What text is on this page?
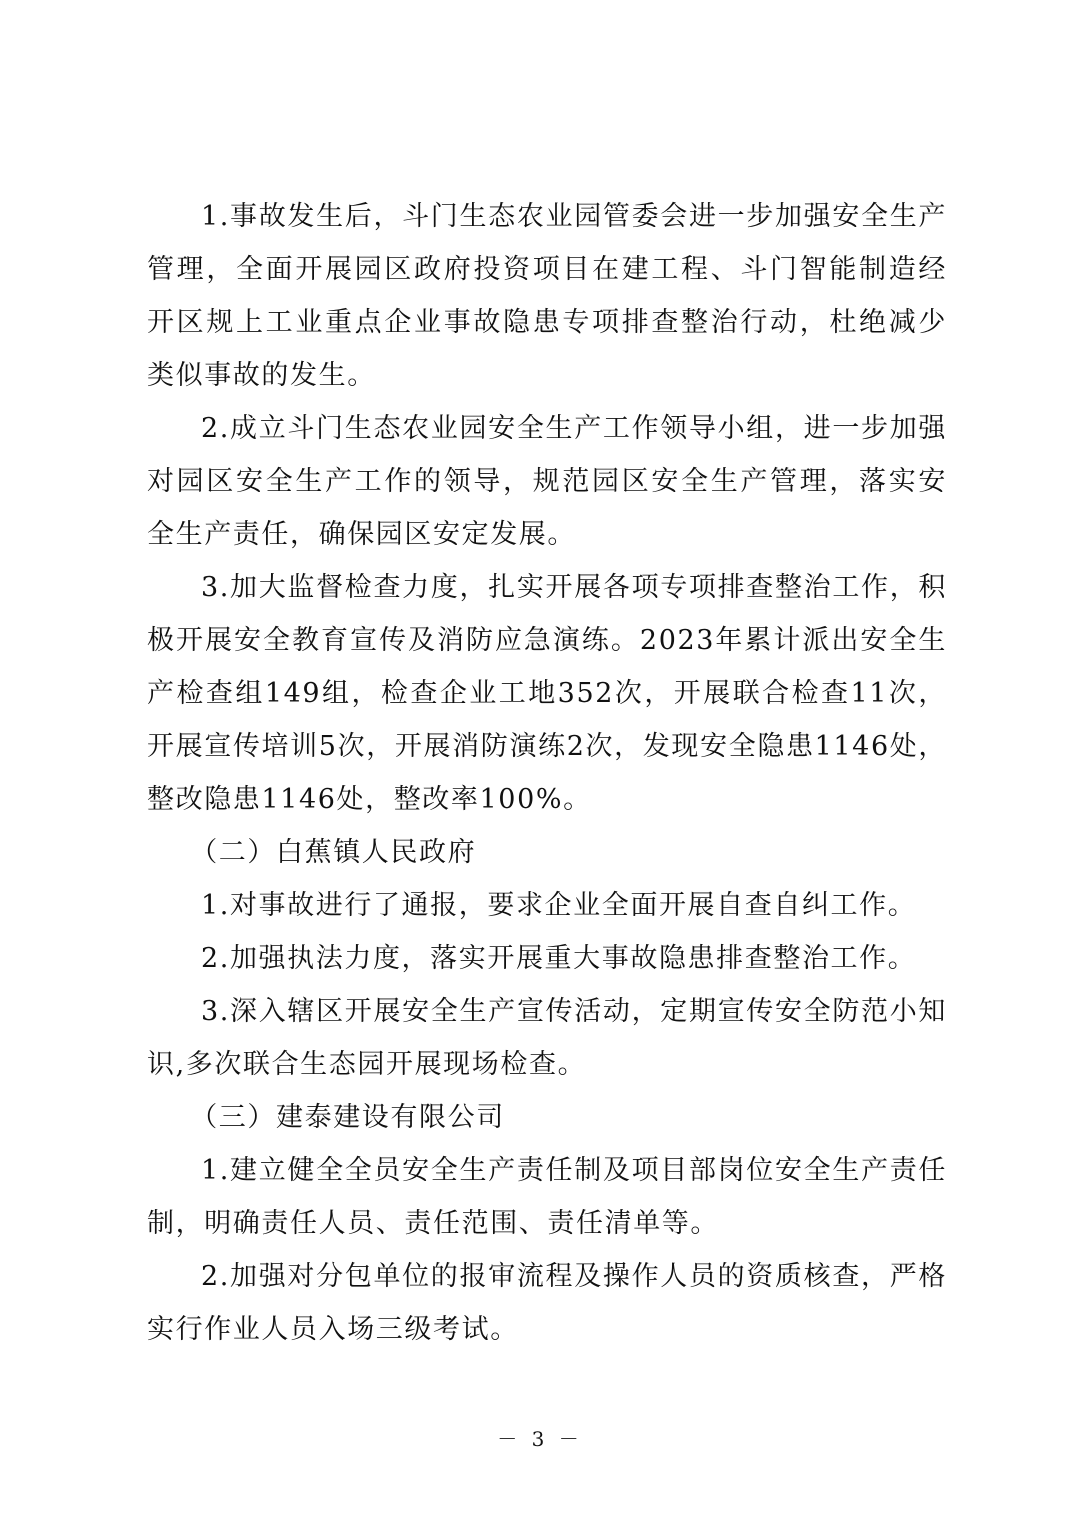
1.事故发生后，斗门生态农业园管委会进一步加强安全生产管理，全面开展园区政府投资项目在建工程、斗门智能制造经开区规上工业重点企业事故隐患专项排查整治行动，杜绝减少类似事故的发生。

2.成立斗门生态农业园安全生产工作领导小组，进一步加强对园区安全生产工作的领导，规范园区安全生产管理，落实安全生产责任，确保园区安定发展。

3.加大监督检查力度，扎实开展各项专项排查整治工作，积极开展安全教育宣传及消防应急演练。2023年累计派出安全生产检查组149组，检查企业工地352次，开展联合检查11次，开展宣传培训5次，开展消防演练2次，发现安全隐患1146处，整改隐患1146处，整改率100%。

（二）白蕉镇人民政府

1.对事故进行了通报，要求企业全面开展自查自纠工作。

2.加强执法力度，落实开展重大事故隐患排查整治工作。

3.深入辖区开展安全生产宣传活动，定期宣传安全防范小知识,多次联合生态园开展现场检查。

（三）建泰建设有限公司

1.建立健全全员安全生产责任制及项目部岗位安全生产责任制，明确责任人员、责任范围、责任清单等。

2.加强对分包单位的报审流程及操作人员的资质核查，严格实行作业人员入场三级考试。

－ 3 －
